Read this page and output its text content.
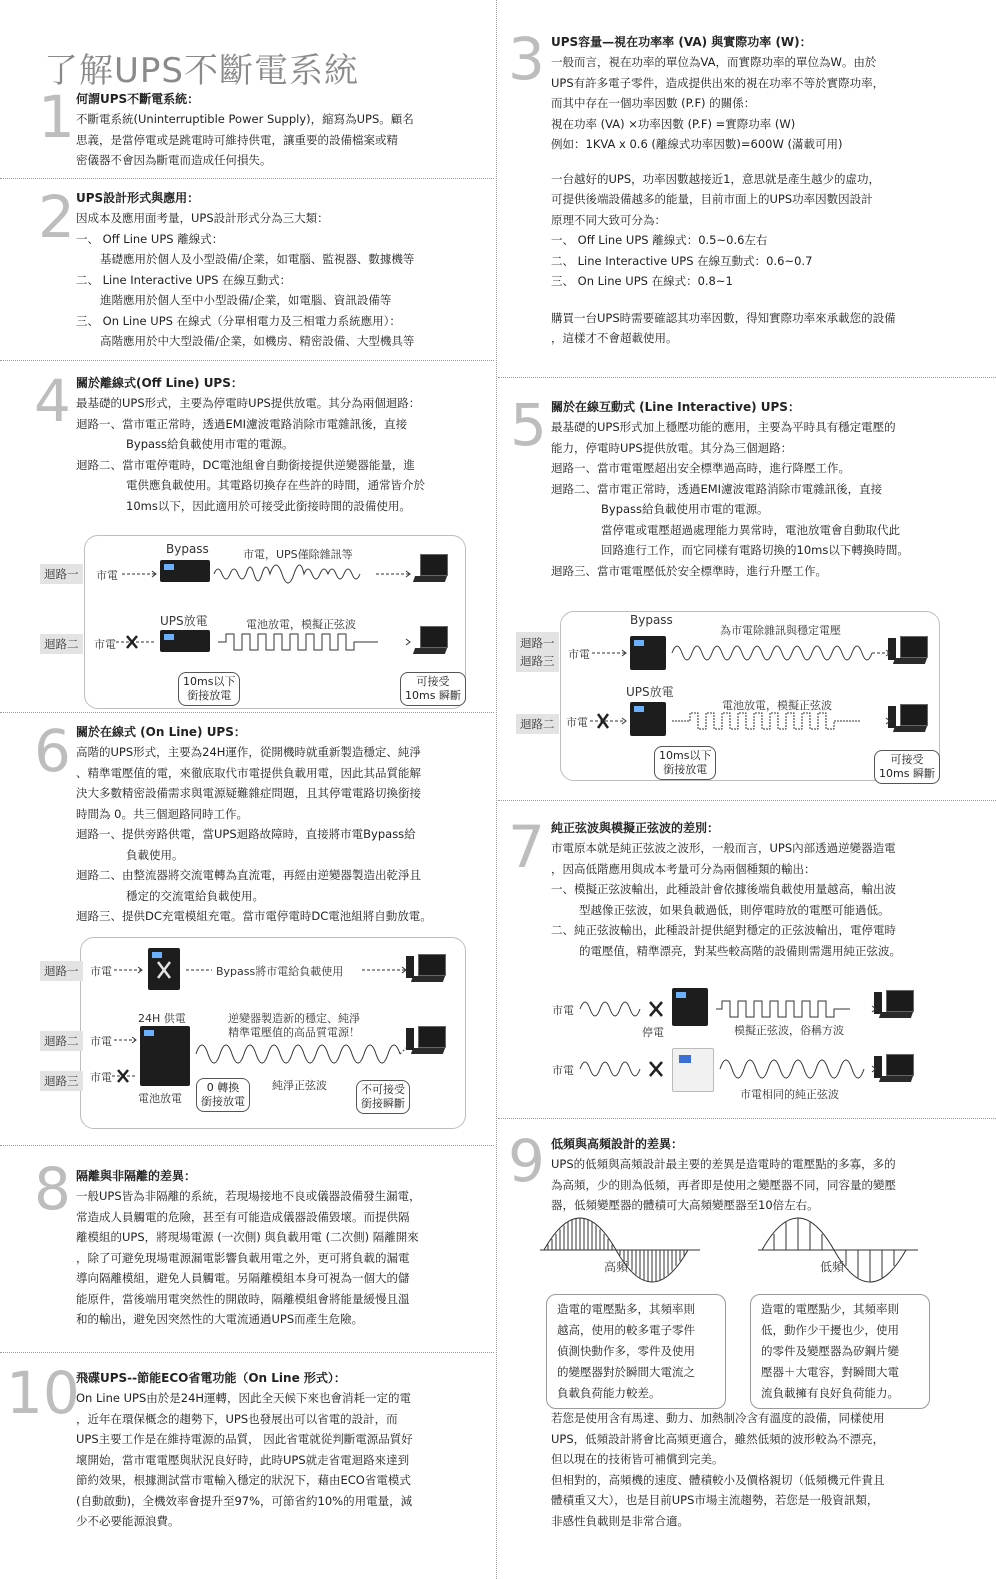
了解UPS不斷電系統
1 何謂UPS不斷電系統：
不斷電系統(Uninterruptible Power Supply)，縮寫為UPS。顧名
思義，是當停電或是跳電時可維持供電，讓重要的設備檔案或精
密儀器不會因為斷電而造成任何損失。
2 UPS設計形式與應用：
因成本及應用面考量，UPS設計形式分為三大類：
一、 Off Line UPS 離線式：
基礎應用於個人及小型設備/企業，如電腦、監視器、數據機等
二、 Line Interactive UPS 在線互動式：
進階應用於個人至中小型設備/企業，如電腦、資訊設備等
三、 On Line UPS 在線式（分單相電力及三相電力系統應用）：
高階應用於中大型設備/企業，如機房、精密設備、大型機具等
3 UPS容量—視在功率率 (VA) 與實際功率 (W)：
一般而言，視在功率的單位為VA，而實際功率的單位為W。由於
UPS有許多電子零件，造成提供出來的視在功率不等於實際功率，
而其中存在一個功率因數 (P.F) 的關係：
視在功率 (VA) ×功率因數 (P.F) =實際功率 (W)
例如：1KVA x 0.6 (離線式功率因數)=600W (滿載可用)
一台越好的UPS，功率因數越接近1，意思就是產生越少的虛功，
可提供後端設備越多的能量，目前市面上的UPS功率因數因設計
原理不同大致可分為：
一、 Off Line UPS 離線式：0.5~0.6左右
二、 Line Interactive UPS 在線互動式：0.6~0.7
三、 On Line UPS 在線式：0.8~1
購買一台UPS時需要確認其功率因數，得知實際功率來承載您的設備
，這樣才不會超載使用。
4 關於離線式(Off Line) UPS：
最基礎的UPS形式，主要為停電時UPS提供放電。其分為兩個迴路：
迴路一、當市電正常時，透過EMI濾波電路消除市電雜訊後，直接
Bypass給負載使用市電的電源。
迴路二、當市電停電時，DC電池組會自動銜接提供逆變器能量，進
電供應負載使用。其電路切換存在些許的時間，通常皆介於
10ms以下，因此適用於可接受此銜接時間的設備使用。
迴路一
迴路二
市電
市電
Bypass	市電，UPS僅除雜訊等
UPS放電	電池放電，模擬正弦波
10ms以下
銜接放電
可接受
10ms 瞬斷
5 關於在線互動式 (Line Interactive) UPS：
最基礎的UPS形式加上穩壓功能的應用，主要為平時具有穩定電壓的
能力，停電時UPS提供放電。其分為三個迴路：
迴路一、當市電電壓超出安全標準過高時，進行降壓工作。
迴路二、當市電正常時，透過EMI濾波電路消除市電雜訊後，直接
Bypass給負載使用市電的電源。
當停電或電壓超過處理能力異常時，電池放電會自動取代此
回路進行工作，而它同樣有電路切換的10ms以下轉換時間。
迴路三、當市電電壓低於安全標準時，進行升壓工作。
迴路一
迴路三
迴路二
市電
市電
Bypass
為市電除雜訊與穩定電壓
UPS放電
電池放電，模擬正弦波
10ms以下
銜接放電
可接受
10ms 瞬斷
6 關於在線式 (On Line) UPS：
高階的UPS形式，主要為24H運作，從開機時就重新製造穩定、純淨
、精準電壓值的電，來徹底取代市電提供負載用電，因此其品質能解
決大多數精密設備需求與電源疑難雜症問題，且其停電電路切換銜接
時間為 0。共三個迴路同時工作。
迴路一、提供旁路供電，當UPS迴路故障時，直接將市電Bypass給
負載使用。
迴路二、由整流器將交流電轉為直流電，再經由逆變器製造出乾淨且
穩定的交流電給負載使用。
迴路三、提供DC充電模組充電。當市電停電時DC電池組將自動放電。
迴路一
迴路二
迴路三
市電
市電
市電
Bypass將市電給負載使用
24H 供電	逆變器製造新的穩定、純淨
精準電壓值的高品質電源！
電池放電
0 轉換
銜接放電
純淨正弦波	不可接受
銜接瞬斷
7 純正弦波與模擬正弦波的差別：
市電原本就是純正弦波之波形，一般而言，UPS內部透過逆變器造電
，因高低階應用與成本考量可分為兩個種類的輸出：
一、模擬正弦波輸出，此種設計會依據後端負載使用量越高，輸出波
型越像正弦波，如果負載過低，則停電時放的電壓可能過低。
二、純正弦波輸出，此種設計提供絕對穩定的正弦波輸出，電停電時
的電壓值，精準漂亮，對某些較高階的設備則需選用純正弦波。
市電
停電	模擬正弦波，俗稱方波
市電
市電相同的純正弦波
8 隔離與非隔離的差異：
一般UPS皆為非隔離的系統，若現場接地不良或儀器設備發生漏電，
常造成人員觸電的危險，甚至有可能造成儀器設備毀壞。而提供隔
離模組的UPS，將現場電源 (一次側) 與負載用電 (二次側) 隔離開來
，除了可避免現場電源漏電影響負載用電之外，更可將負載的漏電
導向隔離模組，避免人員觸電。另隔離模組本身可視為一個大的儲
能原件，當後端用電突然性的開啟時，隔離模組會將能量緩慢且溫
和的輸出，避免因突然性的大電流通過UPS而產生危險。
9 低頻與高頻設計的差異：
UPS的低頻與高頻設計最主要的差異是造電時的電壓點的多寡，多的
為高頻，少的則為低頻，再者即是使用之變壓器不同，同容量的變壓
器，低頻變壓器的體積可大高頻變壓器至10倍左右。
高頻	低頻
造電的電壓點多，其頻率則
越高，使用的較多電子零件
偵測快動作多，零件及使用
的變壓器對於瞬間大電流之
負載負荷能力較差。
造電的電壓點少，其頻率則
低，動作少干擾也少，使用
的零件及變壓器為矽鋼片變
壓器＋大電容，對瞬間大電
流負載擁有良好負荷能力。
若您是使用含有馬達、動力、加熱制冷含有溫度的設備，同樣使用
UPS，低頻設計將會比高頻更適合，雖然低頻的波形較為不漂亮，
但以現在的技術皆可補償到完美。
但相對的，高頻機的速度、體積較小及價格親切（低頻機元件貴且
體積重又大），也是目前UPS市場主流趨勢，若您是一般資訊類，
非感性負載則是非常合適。
10
飛碟UPS--節能ECO省電功能（On Line 形式）：
On Line UPS由於是24H運轉，因此全天候下來也會消耗一定的電
，近年在環保概念的趨勢下，UPS也發展出可以省電的設計，而
UPS主要工作是在維持電源的品質， 因此省電就從判斷電源品質好
壞開始，當市電電壓與狀況良好時，此時UPS就走省電迴路來達到
節約效果，根據測試當市電輸入穩定的狀況下，藉由ECO省電模式
(自動啟動)，全機效率會提升至97%，可節省約10%的用電量，減
少不必要能源浪費。
